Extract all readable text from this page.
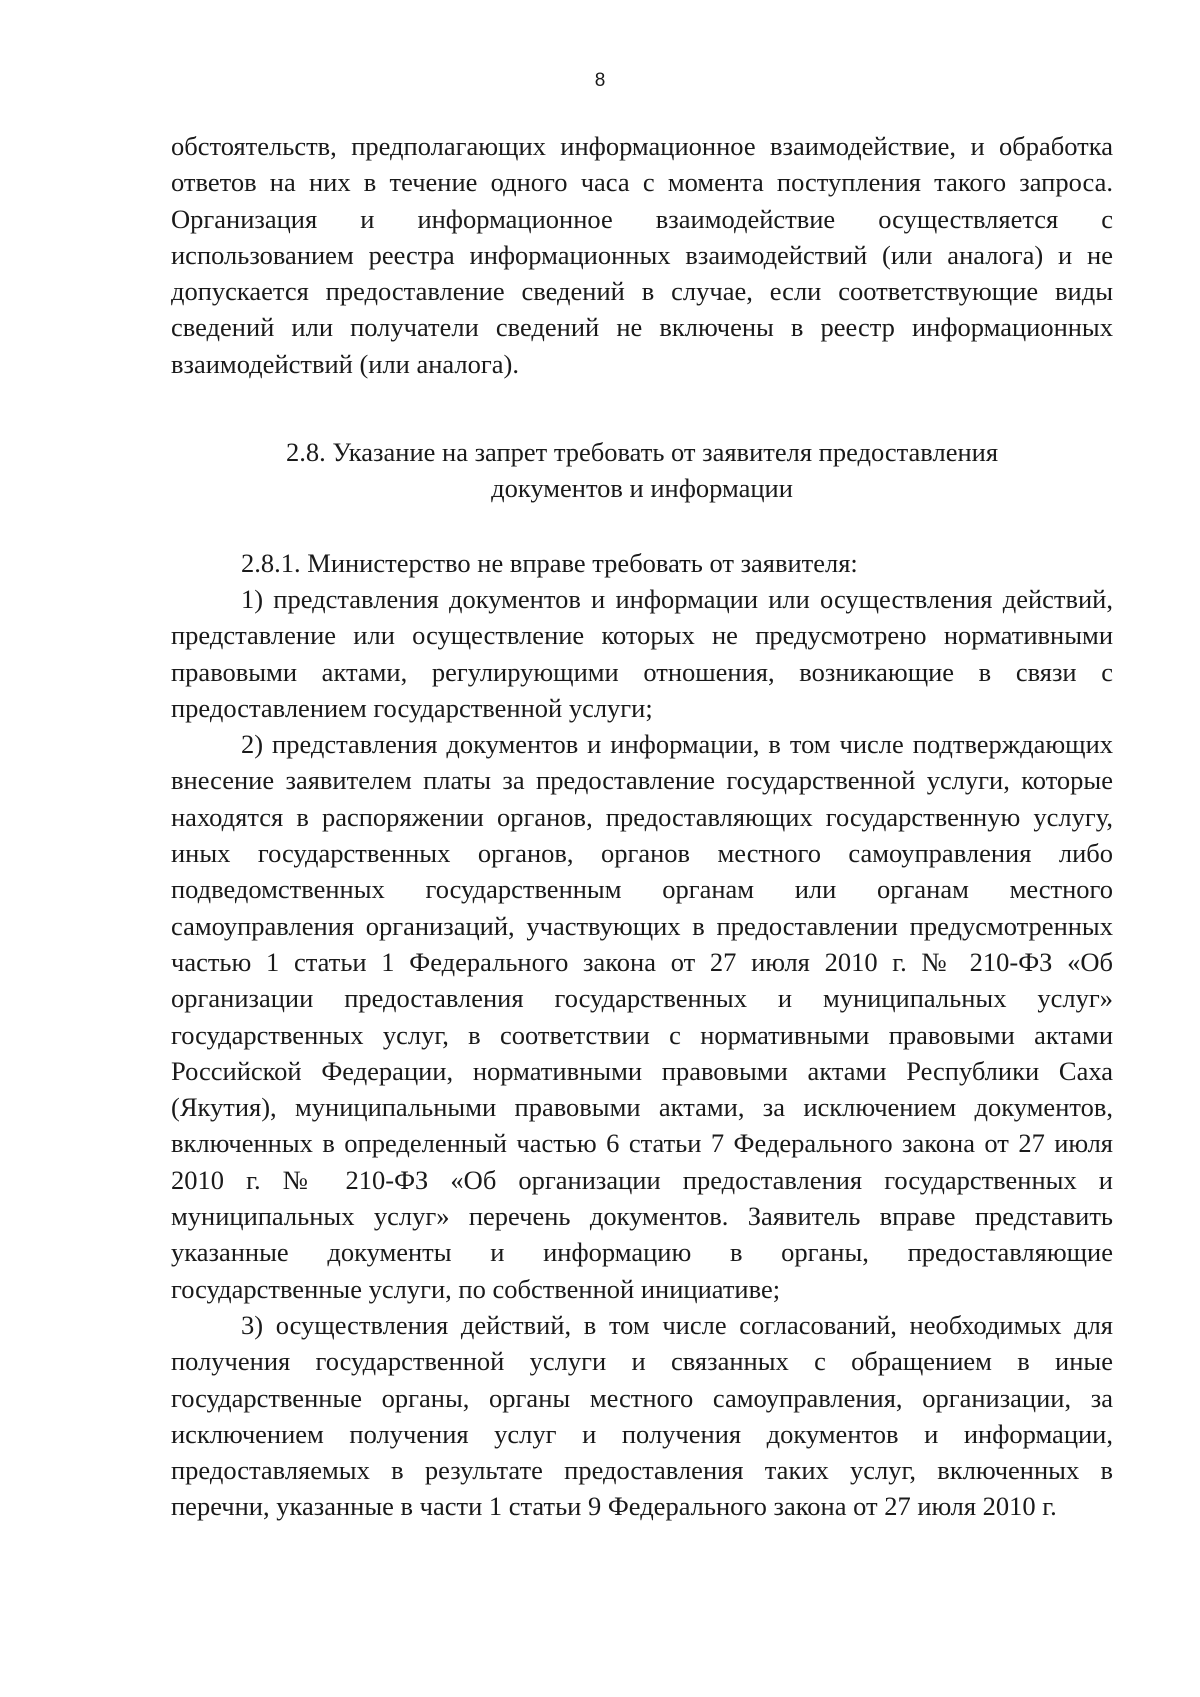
8

обстоятельств, предполагающих информационное взаимодействие, и обработка ответов на них в течение одного часа с момента поступления такого запроса. Организация и информационное взаимодействие осуществляется с использованием реестра информационных взаимодействий (или аналога) и не допускается предоставление сведений в случае, если соответствующие виды сведений или получатели сведений не включены в реестр информационных взаимодействий (или аналога).

2.8. Указание на запрет требовать от заявителя предоставления
документов и информации

2.8.1. Министерство не вправе требовать от заявителя:

1) представления документов и информации или осуществления действий, представление или осуществление которых не предусмотрено нормативными правовыми актами, регулирующими отношения, возникающие в связи с предоставлением государственной услуги;

2) представления документов и информации, в том числе подтверждающих внесение заявителем платы за предоставление государственной услуги, которые находятся в распоряжении органов, предоставляющих государственную услугу, иных государственных органов, органов местного самоуправления либо подведомственных государственным органам или органам местного самоуправления организаций, участвующих в предоставлении предусмотренных частью 1 статьи 1 Федерального закона от 27 июля 2010 г. № 210-ФЗ «Об организации предоставления государственных и муниципальных услуг» государственных услуг, в соответствии с нормативными правовыми актами Российской Федерации, нормативными правовыми актами Республики Саха (Якутия), муниципальными правовыми актами, за исключением документов, включенных в определенный частью 6 статьи 7 Федерального закона от 27 июля 2010 г. № 210-ФЗ «Об организации предоставления государственных и муниципальных услуг» перечень документов. Заявитель вправе представить указанные документы и информацию в органы, предоставляющие государственные услуги, по собственной инициативе;

3) осуществления действий, в том числе согласований, необходимых для получения государственной услуги и связанных с обращением в иные государственные органы, органы местного самоуправления, организации, за исключением получения услуг и получения документов и информации, предоставляемых в результате предоставления таких услуг, включенных в перечни, указанные в части 1 статьи 9 Федерального закона от 27 июля 2010 г.
